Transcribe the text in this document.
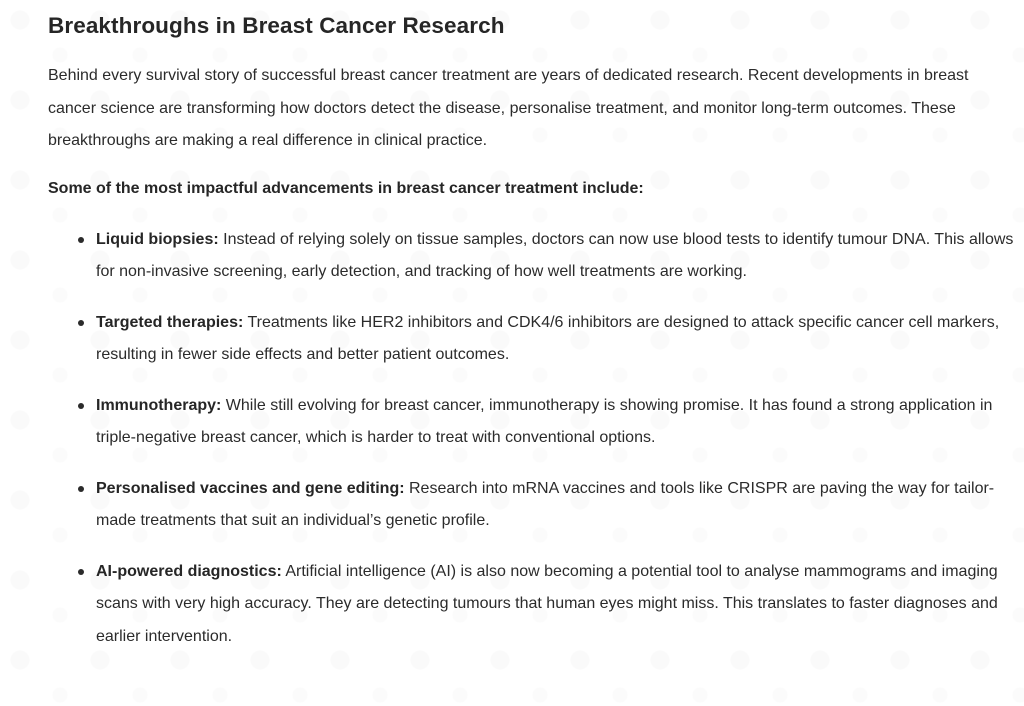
Breakthroughs in Breast Cancer Research

Behind every survival story of successful breast cancer treatment are years of dedicated research. Recent developments in breast cancer science are transforming how doctors detect the disease, personalise treatment, and monitor long-term outcomes. These breakthroughs are making a real difference in clinical practice.

Some of the most impactful advancements in breast cancer treatment include:

Liquid biopsies: Instead of relying solely on tissue samples, doctors can now use blood tests to identify tumour DNA. This allows for non-invasive screening, early detection, and tracking of how well treatments are working.
Targeted therapies: Treatments like HER2 inhibitors and CDK4/6 inhibitors are designed to attack specific cancer cell markers, resulting in fewer side effects and better patient outcomes.
Immunotherapy: While still evolving for breast cancer, immunotherapy is showing promise. It has found a strong application in triple-negative breast cancer, which is harder to treat with conventional options.
Personalised vaccines and gene editing: Research into mRNA vaccines and tools like CRISPR are paving the way for tailor-made treatments that suit an individual’s genetic profile.
AI-powered diagnostics: Artificial intelligence (AI) is also now becoming a potential tool to analyse mammograms and imaging scans with very high accuracy. They are detecting tumours that human eyes might miss. This translates to faster diagnoses and earlier intervention.
